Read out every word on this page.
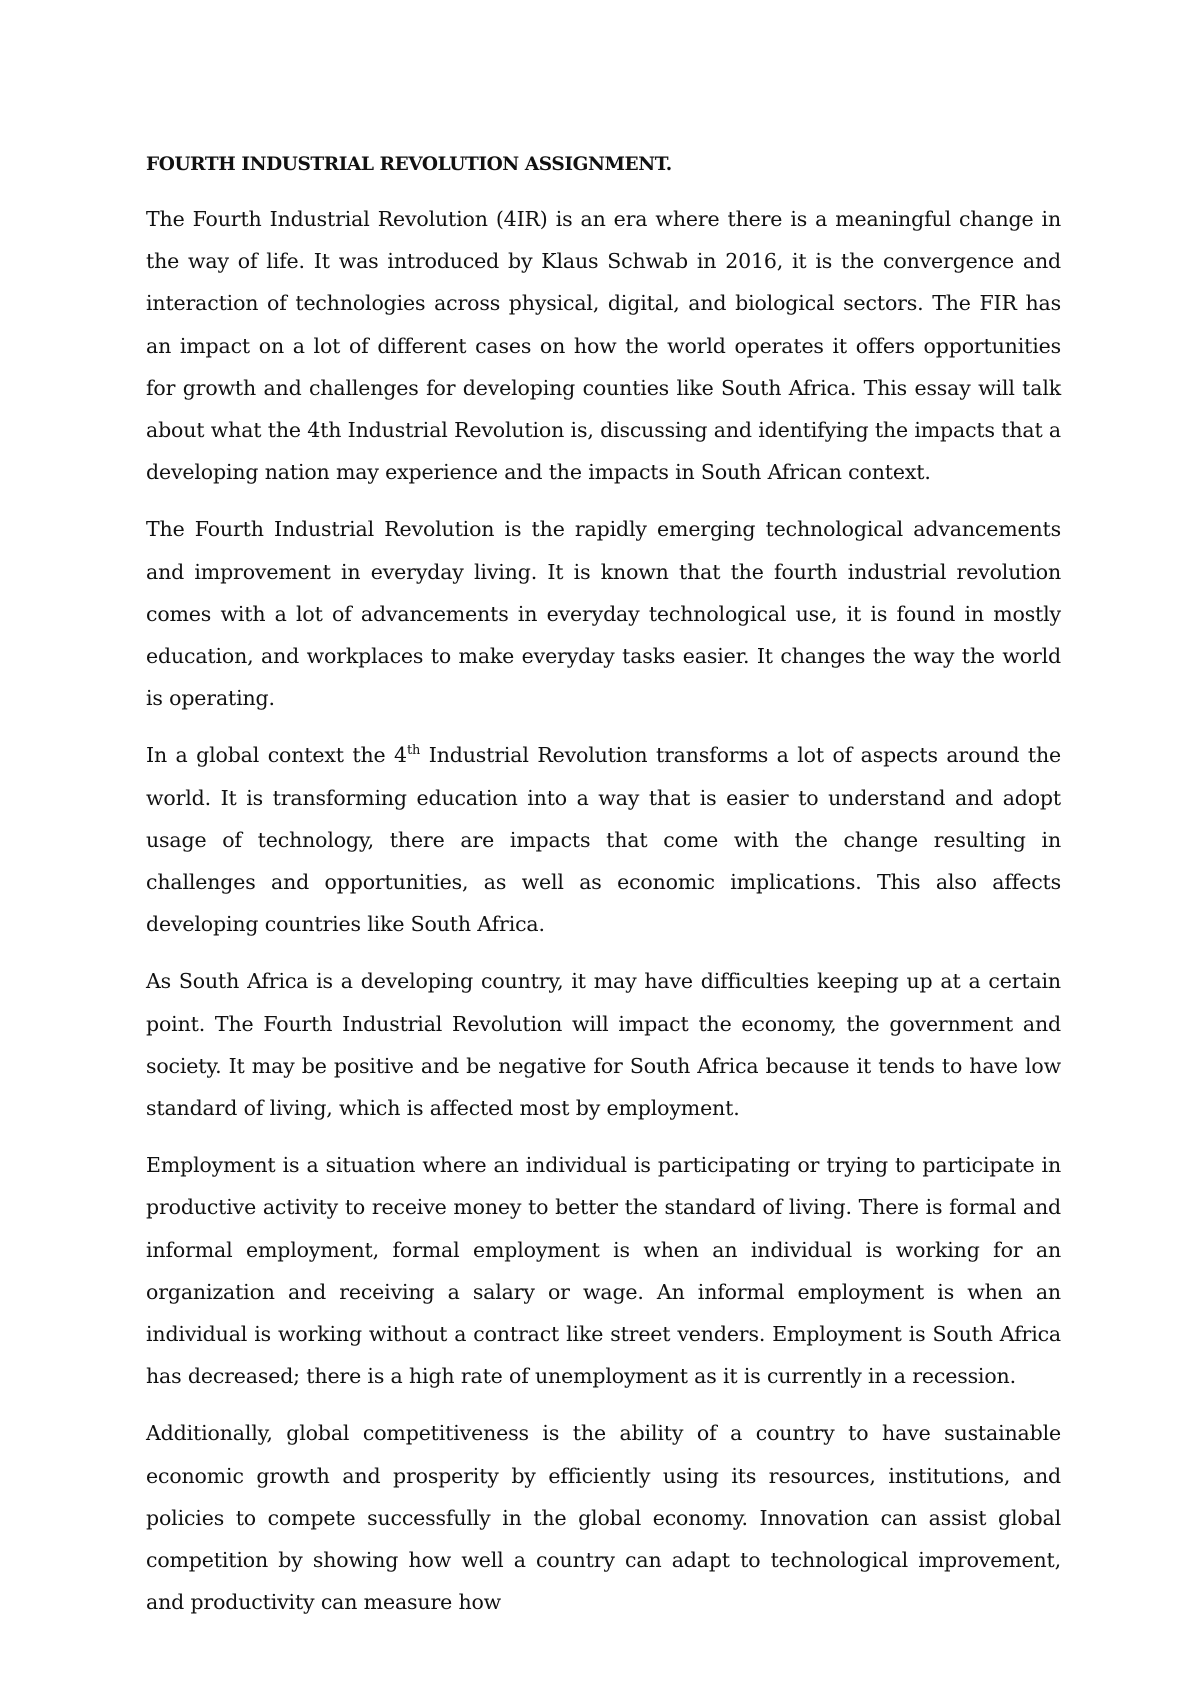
FOURTH INDUSTRIAL REVOLUTION ASSIGNMENT.

The Fourth Industrial Revolution (4IR) is an era where there is a meaningful change in the way of life. It was introduced by Klaus Schwab in 2016, it is the convergence and interaction of technologies across physical, digital, and biological sectors. The FIR has an impact on a lot of different cases on how the world operates it offers opportunities for growth and challenges for developing counties like South Africa. This essay will talk about what the 4th Industrial Revolution is, discussing and identifying the impacts that a developing nation may experience and the impacts in South African context.

The Fourth Industrial Revolution is the rapidly emerging technological advancements and improvement in everyday living. It is known that the fourth industrial revolution comes with a lot of advancements in everyday technological use, it is found in mostly education, and workplaces to make everyday tasks easier. It changes the way the world is operating.

In a global context the 4th Industrial Revolution transforms a lot of aspects around the world. It is transforming education into a way that is easier to understand and adopt usage of technology, there are impacts that come with the change resulting in challenges and opportunities, as well as economic implications. This also affects developing countries like South Africa.

As South Africa is a developing country, it may have difficulties keeping up at a certain point. The Fourth Industrial Revolution will impact the economy, the government and society. It may be positive and be negative for South Africa because it tends to have low standard of living, which is affected most by employment.

Employment is a situation where an individual is participating or trying to participate in productive activity to receive money to better the standard of living. There is formal and informal employment, formal employment is when an individual is working for an organization and receiving a salary or wage. An informal employment is when an individual is working without a contract like street venders. Employment is South Africa has decreased; there is a high rate of unemployment as it is currently in a recession.

Additionally, global competitiveness is the ability of a country to have sustainable economic growth and prosperity by efficiently using its resources, institutions, and policies to compete successfully in the global economy. Innovation can assist global competition by showing how well a country can adapt to technological improvement, and productivity can measure how
